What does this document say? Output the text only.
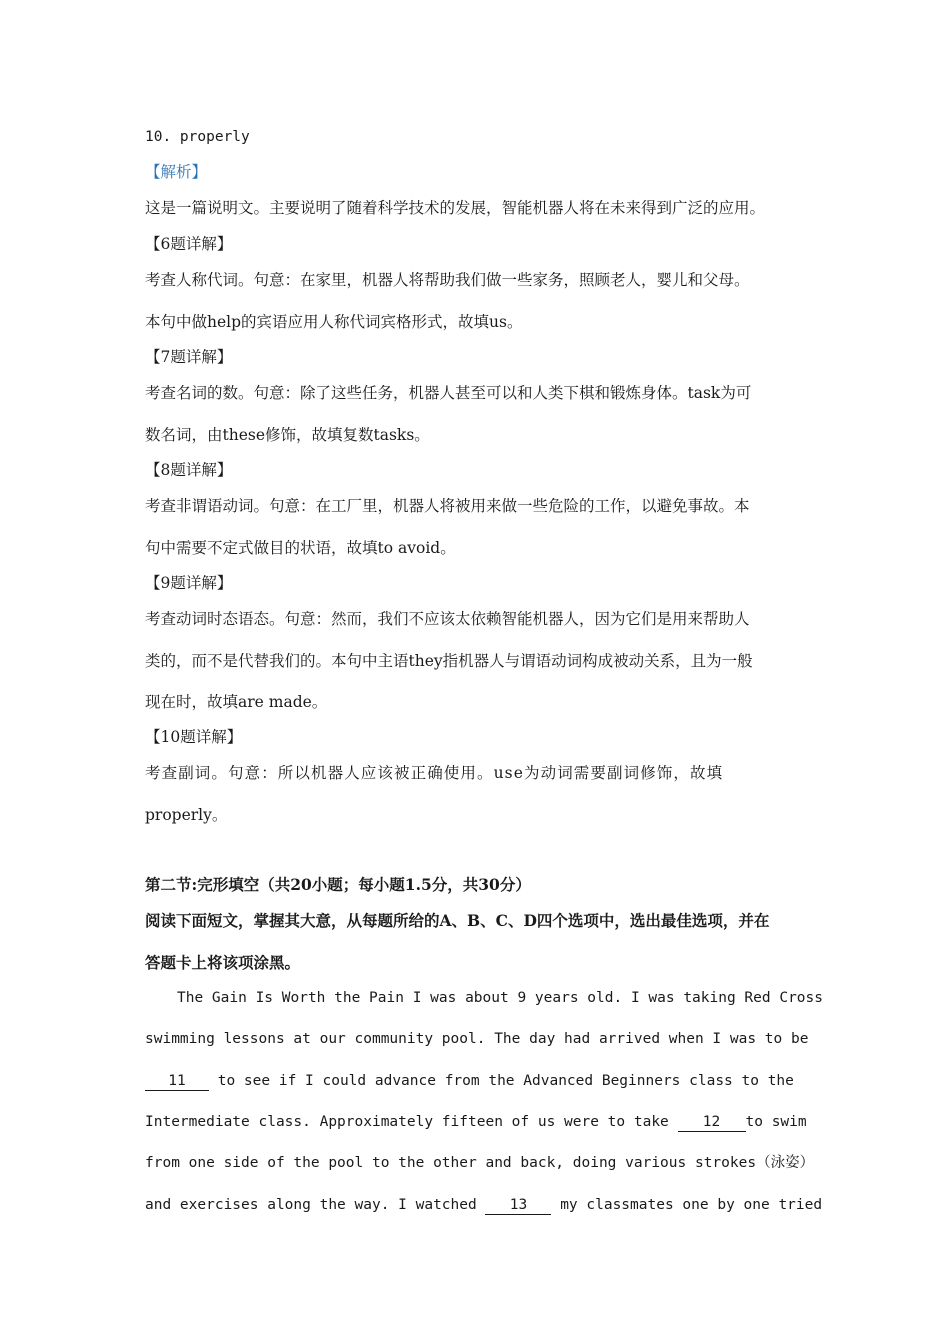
10. properly
【解析】
这是一篇说明文。主要说明了随着科学技术的发展，智能机器人将在未来得到广泛的应用。
【6题详解】
考查人称代词。句意：在家里，机器人将帮助我们做一些家务，照顾老人，婴儿和父母。
本句中做help的宾语应用人称代词宾格形式，故填us。
【7题详解】
考查名词的数。句意：除了这些任务，机器人甚至可以和人类下棋和锻炼身体。task为可
数名词，由these修饰，故填复数tasks。
【8题详解】
考查非谓语动词。句意：在工厂里，机器人将被用来做一些危险的工作，以避免事故。本
句中需要不定式做目的状语，故填to avoid。
【9题详解】
考查动词时态语态。句意：然而，我们不应该太依赖智能机器人，因为它们是用来帮助人
类的，而不是代替我们的。本句中主语they指机器人与谓语动词构成被动关系，且为一般
现在时，故填are made。
【10题详解】
考查副词。句意：所以机器人应该被正确使用。use为动词需要副词修饰，故填
properly。
第二节:完形填空（共20小题；每小题1.5分，共30分）
阅读下面短文，掌握其大意，从每题所给的A、B、C、D四个选项中，选出最佳选项，并在
答题卡上将该项涂黑。
The Gain Is Worth the Pain I was about 9 years old. I was taking Red Cross
swimming lessons at our community pool. The day had arrived when I was to be
11 to see if I could advance from the Advanced Beginners class to the
Intermediate class. Approximately fifteen of us were to take 12 to swim
from one side of the pool to the other and back, doing various strokes（泳姿）
and exercises along the way. I watched 13 my classmates one by one tried
